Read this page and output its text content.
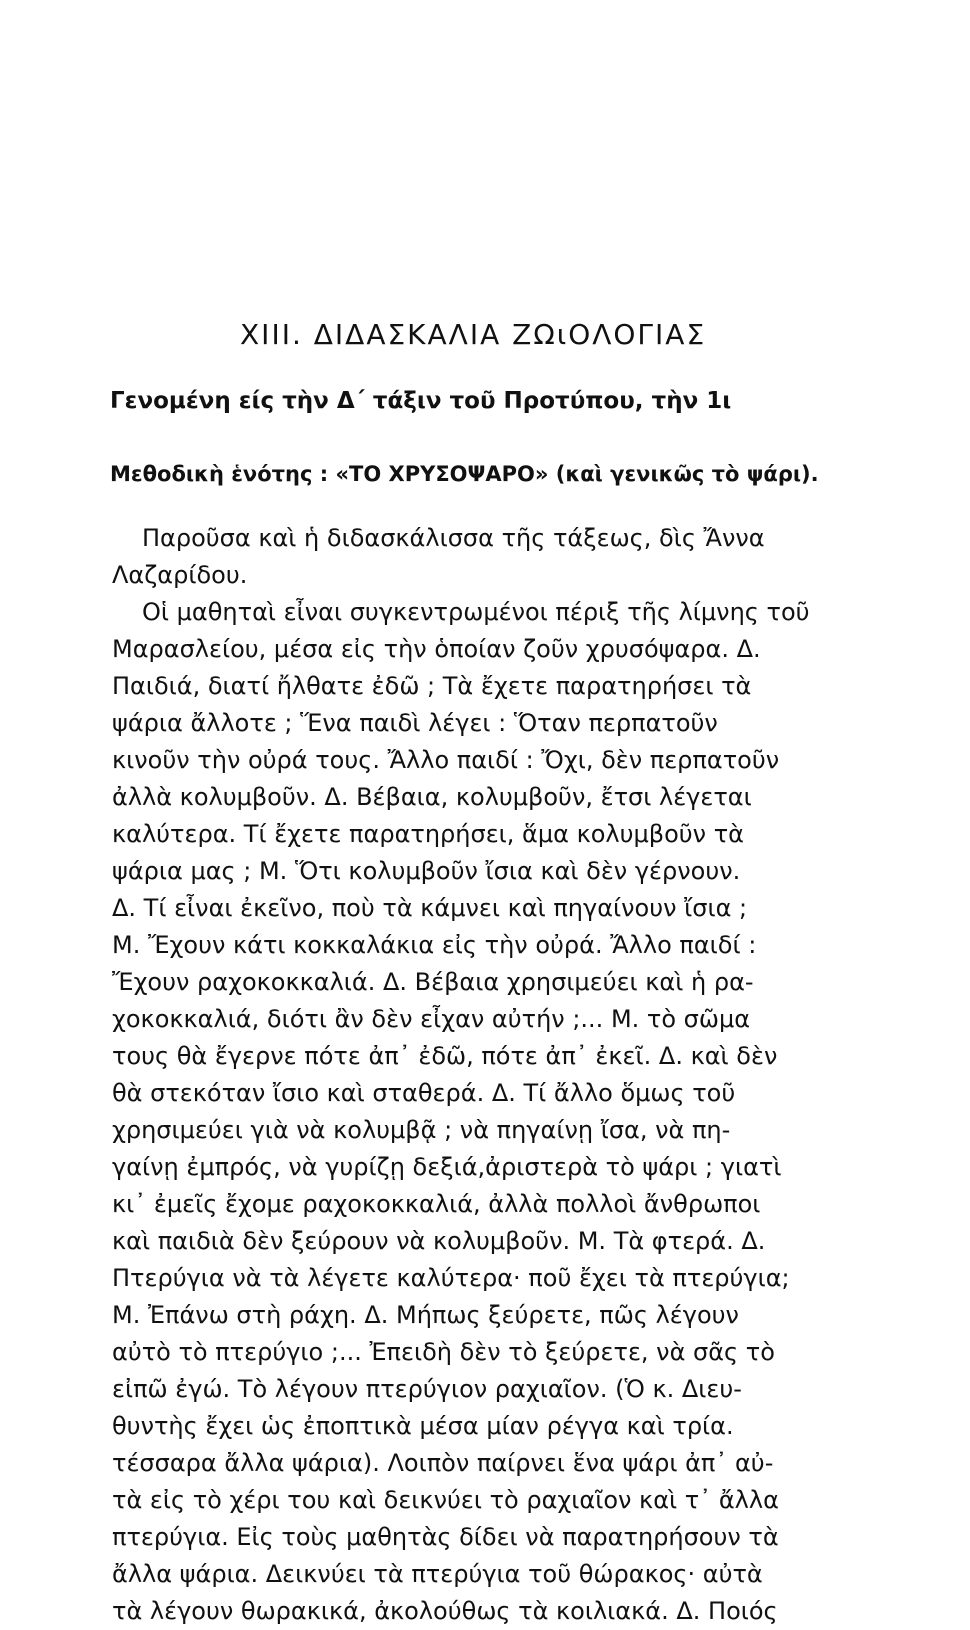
XIII. ΔΙΔΑΣΚΑΛΙΑ ΖΩιΟΛΟΓΙΑΣ
Γενομένη είς τὴν Δ΄ τάξιν τοῦ Προτύπου, τὴν 1ι
Μεθοδικὴ ἑνότης : «ΤΟ ΧΡΥΣΟΨΑΡΟ» (καὶ γενικῶς τὸ ψάρι).
Παροῦσα καὶ ἡ διδασκάλισσα τῆς τάξεως, δὶς Ἄννα
Λαζαρίδου.
Οἱ μαθηταὶ εἶναι συγκεντρωμένοι πέριξ τῆς λίμνης τοῦ
Μαρασλείου, μέσα εἰς τὴν ὁποίαν ζοῦν χρυσόψαρα. Δ.
Παιδιά, διατί ἤλθατε ἐδῶ ; Τὰ ἔχετε παρατηρήσει τὰ
ψάρια ἄλλοτε ; Ἕνα παιδὶ λέγει : Ὅταν περπατοῦν
κινοῦν τὴν οὐρά τους. Ἄλλο παιδί : Ὄχι, δὲν περπατοῦν
ἀλλὰ κολυμβοῦν. Δ. Βέβαια, κολυμβοῦν, ἔτσι λέγεται
καλύτερα. Τί ἔχετε παρατηρήσει, ἅμα κολυμβοῦν τὰ
ψάρια μας ; Μ. Ὅτι κολυμβοῦν ἴσια καὶ δὲν γέρνουν.
Δ. Τί εἶναι ἐκεῖνο, ποὺ τὰ κάμνει καὶ πηγαίνουν ἴσια ;
Μ. Ἔχουν κάτι κοκκαλάκια εἰς τὴν οὐρά. Ἄλλο παιδί :
Ἔχουν ραχοκοκκαλιά. Δ. Βέβαια χρησιμεύει καὶ ἡ ρα-
χοκοκκαλιά, διότι ἂν δὲν εἶχαν αὐτήν ;... Μ. τὸ σῶμα
τους θὰ ἔγερνε πότε ἀπ᾽ ἐδῶ, πότε ἀπ᾽ ἐκεῖ. Δ. καὶ δὲν
θὰ στεκόταν ἴσιο καὶ σταθερά. Δ. Τί ἄλλο ὅμως τοῦ
χρησιμεύει γιὰ νὰ κολυμβᾷ ; νὰ πηγαίνῃ ἴσα, νὰ πη-
γαίνῃ ἐμπρός, νὰ γυρίζῃ δεξιά,ἀριστερὰ τὸ ψάρι ; γιατὶ
κι᾽ ἐμεῖς ἔχομε ραχοκοκκαλιά, ἀλλὰ πολλοὶ ἄνθρωποι
καὶ παιδιὰ δὲν ξεύρουν νὰ κολυμβοῦν. Μ. Τὰ φτερά. Δ.
Πτερύγια νὰ τὰ λέγετε καλύτερα· ποῦ ἔχει τὰ πτερύγια;
Μ. Ἐπάνω στὴ ράχη. Δ. Μήπως ξεύρετε, πῶς λέγουν
αὐτὸ τὸ πτερύγιο ;... Ἐπειδὴ δὲν τὸ ξεύρετε, νὰ σᾶς τὸ
εἰπῶ ἐγώ. Τὸ λέγουν πτερύγιον ραχιαῖον. (Ὁ κ. Διευ-
θυντὴς ἔχει ὡς ἐποπτικὰ μέσα μίαν ρέγγα καὶ τρία.
τέσσαρα ἄλλα ψάρια). Λοιπὸν παίρνει ἕνα ψάρι ἀπ᾽ αὐ-
τὰ εἰς τὸ χέρι του καὶ δεικνύει τὸ ραχιαῖον καὶ τ᾽ ἄλλα
πτερύγια. Εἰς τοὺς μαθητὰς δίδει νὰ παρατηρήσουν τὰ
ἄλλα ψάρια. Δεικνύει τὰ πτερύγια τοῦ θώρακος· αὐτὰ
τὰ λέγουν θωρακικά, ἀκολούθως τὰ κοιλιακά. Δ. Ποιός
